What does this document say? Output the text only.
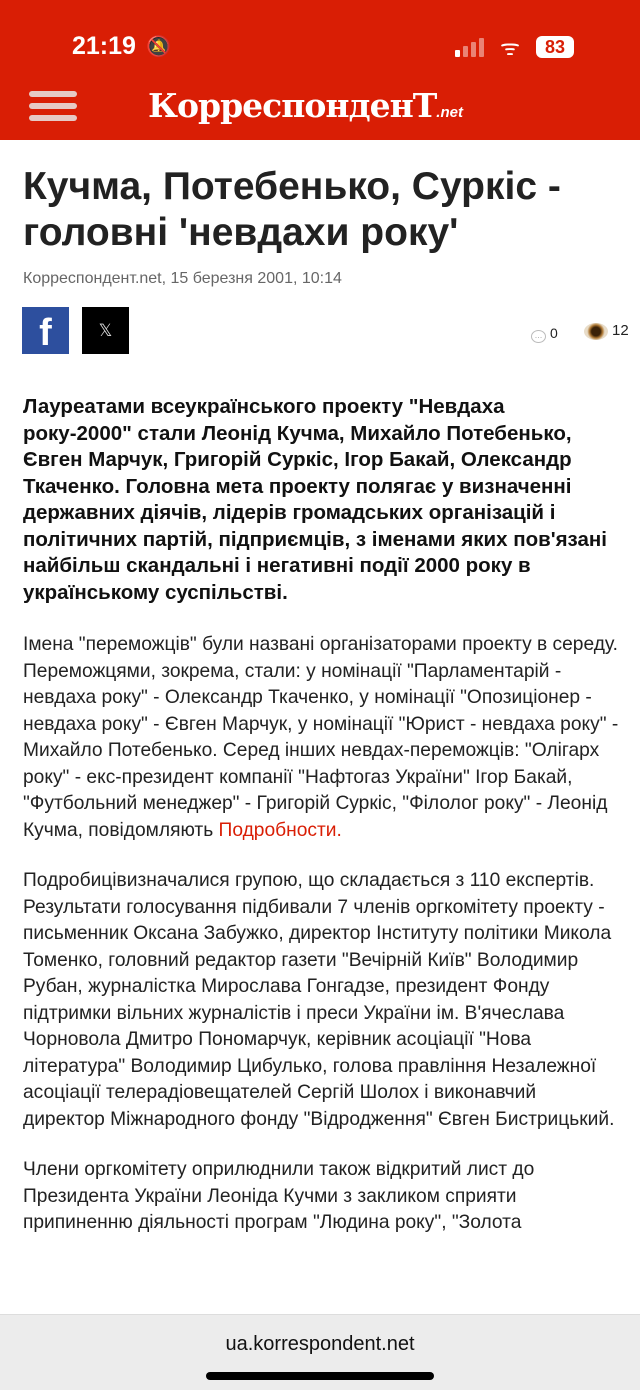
21:19 🔕	ᯤ	83
КорреспонденТ.net
Кучма, Потебенько, Суркіс - головні 'невдахи року'
Корреспондент.net, 15 березня 2001, 10:14
f	𝕏	… 0	12

Лауреатами всеукраїнського проекту "Невдаха року-2000" стали Леонід Кучма, Михайло Потебенько, Євген Марчук, Григорій Суркіс, Ігор Бакай, Олександр Ткаченко. Головна мета проекту полягає у визначенні державних діячів, лідерів громадських організацій і політичних партій, підприємців, з іменами яких пов'язані найбільш скандальні і негативні події 2000 року в українському суспільстві.

Імена "переможців" були названі організаторами проекту в середу. Переможцями, зокрема, стали: у номінації "Парламентарій - невдаха року" - Олександр Ткаченко, у номінації "Опозиціонер - невдаха року" - Євген Марчук, у номінації "Юрист - невдаха року" - Михайло Потебенько. Серед інших невдах-переможців: "Олігарх року" - екс-президент компанії "Нафтогаз України" Ігор Бакай, "Футбольний менеджер" - Григорій Суркіс, "Філолог року" - Леонід Кучма, повідомляють Подробности.

Подробицівизначалися групою, що складається з 110 експертів. Результати голосування підбивали 7 членів оргкомітету проекту - письменник Оксана Забужко, директор Інституту політики Микола Томенко, головний редактор газети "Вечірній Київ" Володимир Рубан, журналістка Мирослава Гонгадзе, президент Фонду підтримки вільних журналістів і преси України ім. В'ячеслава Чорновола Дмитро Пономарчук, керівник асоціації "Нова література" Володимир Цибулько, голова правління Незалежної асоціації телерадіовещателей Сергій Шолох і виконавчий директор Міжнародного фонду "Відродження" Євген Бистрицький.

Члени оргкомітету оприлюднили також відкритий лист до Президента України Леоніда Кучми з закликом сприяти припиненню діяльності програм "Людина року", "Золота

ua.korrespondent.net
